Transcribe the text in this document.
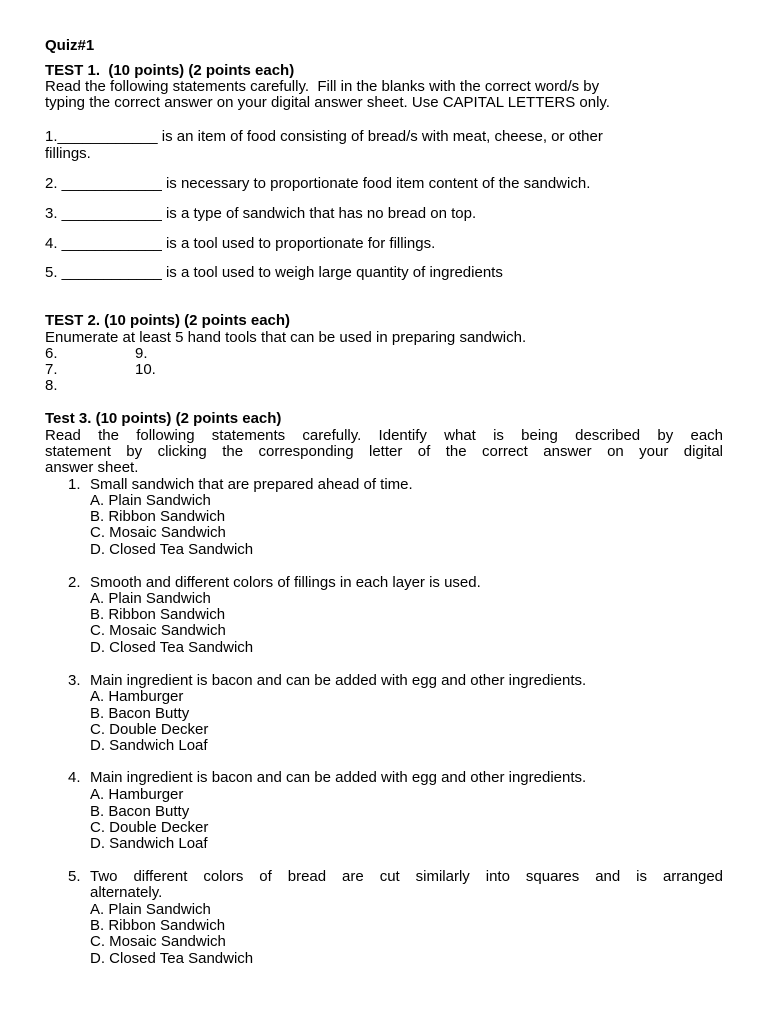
Quiz#1
TEST 1.  (10 points) (2 points each)
Read the following statements carefully.  Fill in the blanks with the correct word/s by
typing the correct answer on your digital answer sheet. Use CAPITAL LETTERS only.
1.____________ is an item of food consisting of bread/s with meat, cheese, or other
fillings.
2. ____________ is necessary to proportionate food item content of the sandwich.
3. ____________ is a type of sandwich that has no bread on top.
4. ____________ is a tool used to proportionate for fillings.
5. ____________ is a tool used to weigh large quantity of ingredients
TEST 2. (10 points) (2 points each)
Enumerate at least 5 hand tools that can be used in preparing sandwich.
6.	9.
7.	10.
8.
Test 3. (10 points) (2 points each)
Read the following statements carefully. Identify what is being described by each
statement by clicking the corresponding letter of the correct answer on your digital
answer sheet.
1. Small sandwich that are prepared ahead of time.
A. Plain Sandwich
B. Ribbon Sandwich
C. Mosaic Sandwich
D. Closed Tea Sandwich
2. Smooth and different colors of fillings in each layer is used.
A. Plain Sandwich
B. Ribbon Sandwich
C. Mosaic Sandwich
D. Closed Tea Sandwich
3. Main ingredient is bacon and can be added with egg and other ingredients.
A. Hamburger
B. Bacon Butty
C. Double Decker
D. Sandwich Loaf
4. Main ingredient is bacon and can be added with egg and other ingredients.
A. Hamburger
B. Bacon Butty
C. Double Decker
D. Sandwich Loaf
5. Two different colors of bread are cut similarly into squares and is arranged
alternately.
A. Plain Sandwich
B. Ribbon Sandwich
C. Mosaic Sandwich
D. Closed Tea Sandwich
